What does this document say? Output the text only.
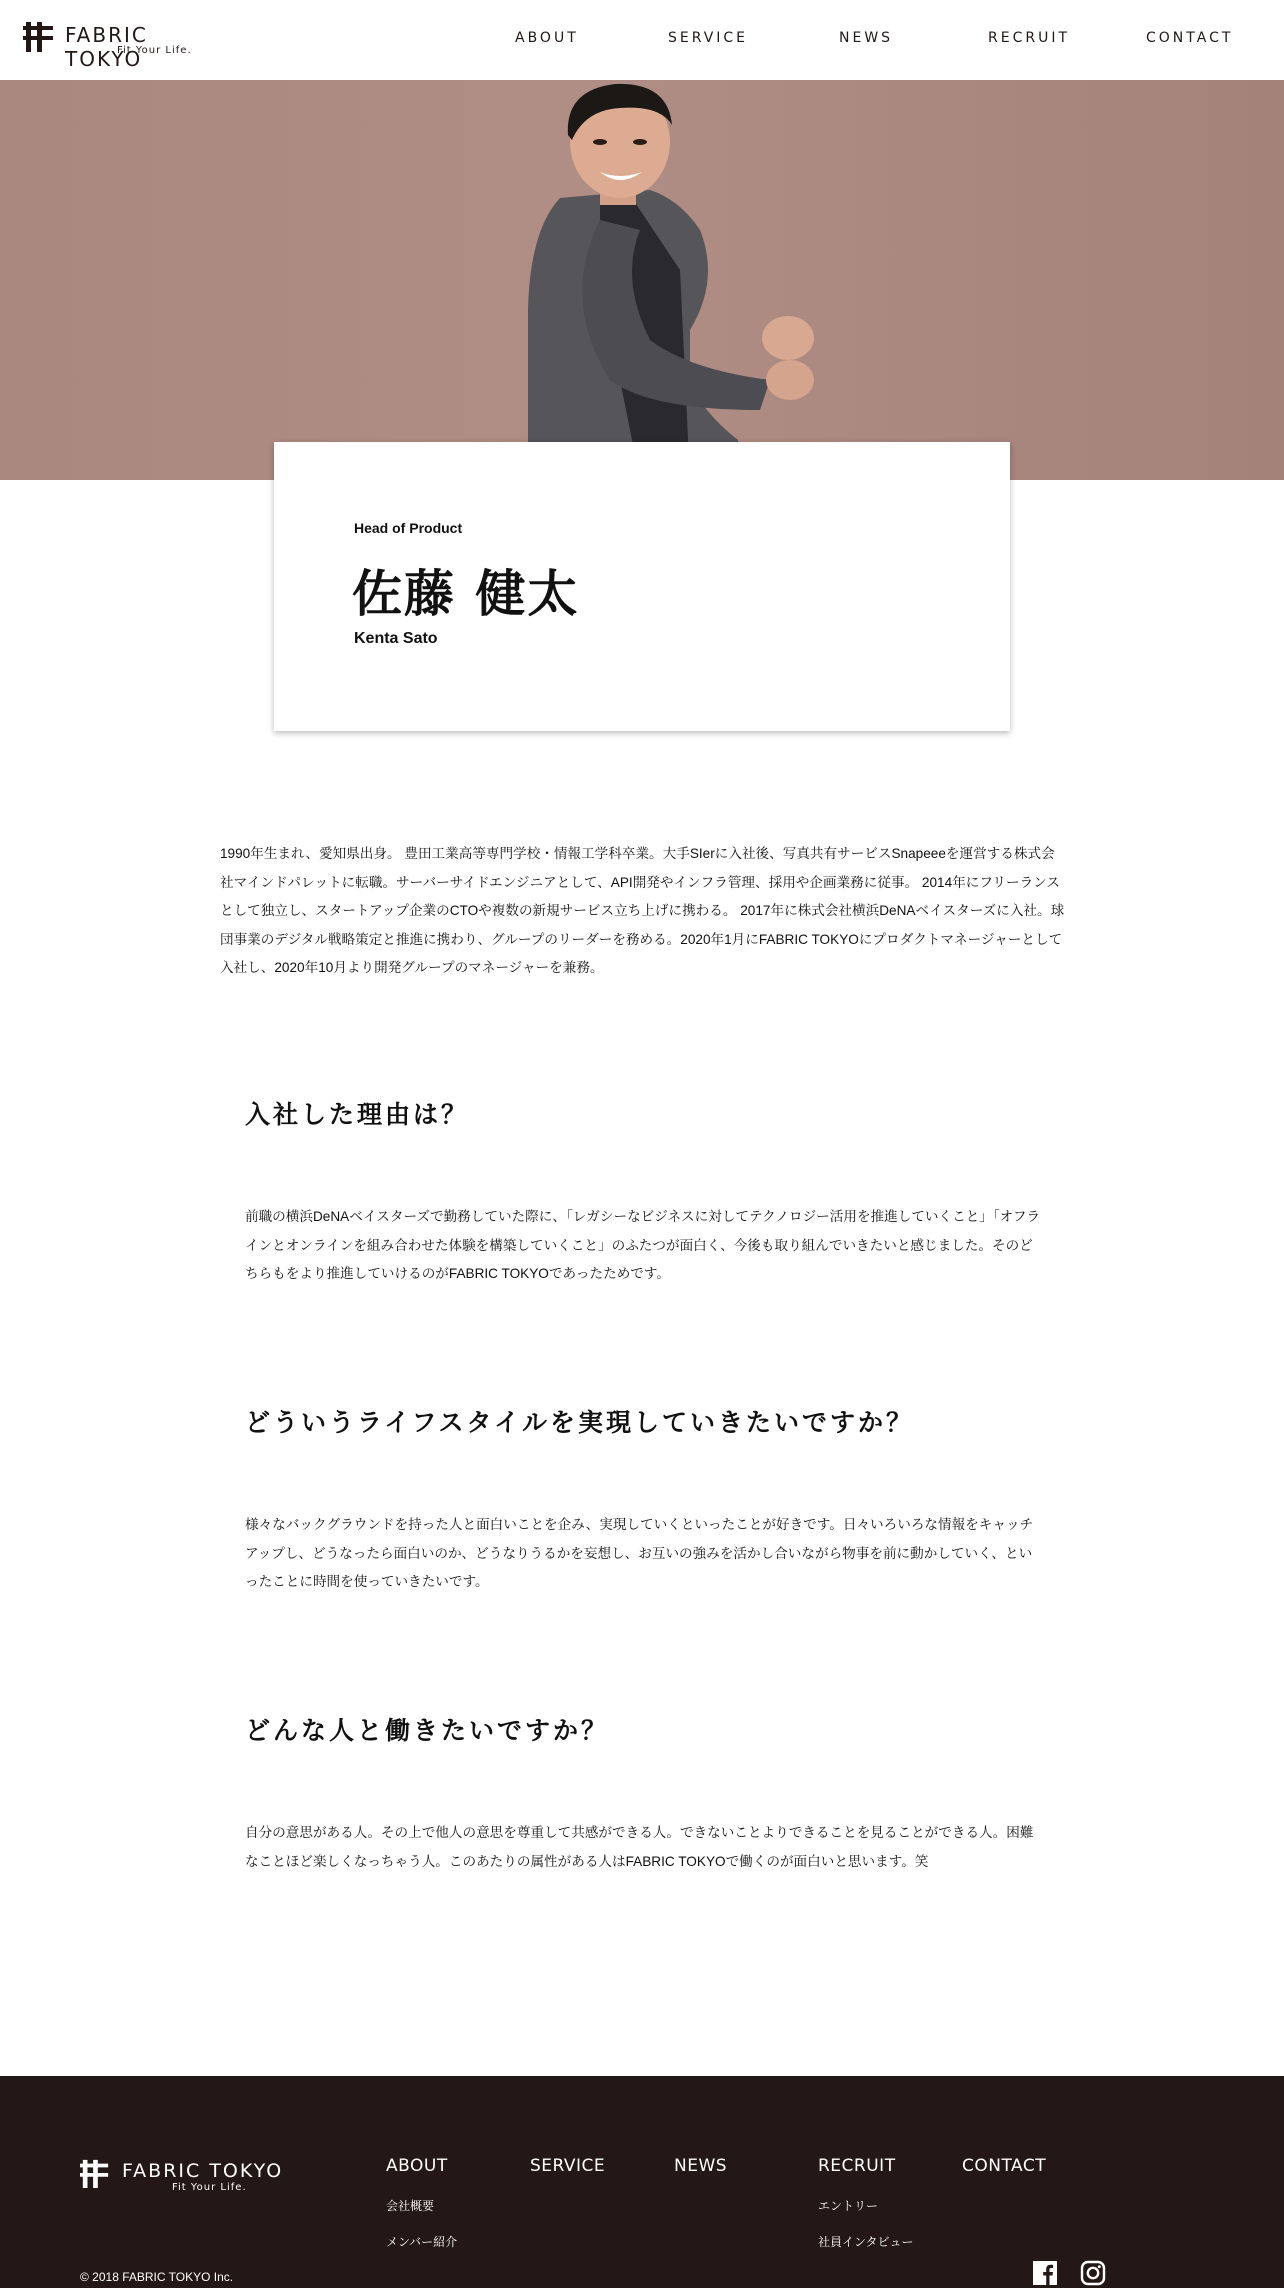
FABRIC TOKYO
Fit Your Life.
ABOUT	SERVICE	NEWS	RECRUIT	CONTACT
Head of Product
佐藤 健太
Kenta Sato

1990年生まれ、愛知県出身。 豊田工業高等専門学校・情報工学科卒業。大手SIerに入社後、写真共有サービスSnapeeeを運営する株式会社マインドパレットに転職。サーバーサイドエンジニアとして、API開発やインフラ管理、採用や企画業務に従事。 2014年にフリーランスとして独立し、スタートアップ企業のCTOや複数の新規サービス立ち上げに携わる。 2017年に株式会社横浜DeNAベイスターズに入社。球団事業のデジタル戦略策定と推進に携わり、グループのリーダーを務める。2020年1月にFABRIC TOKYOにプロダクトマネージャーとして入社し、2020年10月より開発グループのマネージャーを兼務。

入社した理由は？

前職の横浜DeNAベイスターズで勤務していた際に、「レガシーなビジネスに対してテクノロジー活用を推進していくこと」「オフラインとオンラインを組み合わせた体験を構築していくこと」のふたつが面白く、今後も取り組んでいきたいと感じました。そのどちらもをより推進していけるのがFABRIC TOKYOであったためです。

どういうライフスタイルを実現していきたいですか？

様々なバックグラウンドを持った人と面白いことを企み、実現していくといったことが好きです。日々いろいろな情報をキャッチアップし、どうなったら面白いのか、どうなりうるかを妄想し、お互いの強みを活かし合いながら物事を前に動かしていく、といったことに時間を使っていきたいです。

どんな人と働きたいですか？

自分の意思がある人。その上で他人の意思を尊重して共感ができる人。できないことよりできることを見ることができる人。困難なことほど楽しくなっちゃう人。このあたりの属性がある人はFABRIC TOKYOで働くのが面白いと思います。笑

FABRIC TOKYO
Fit Your Life.
ABOUT
会社概要
メンバー紹介
SERVICE	NEWS	RECRUIT
エントリー
社員インタビュー
CONTACT
© 2018 FABRIC TOKYO Inc.
